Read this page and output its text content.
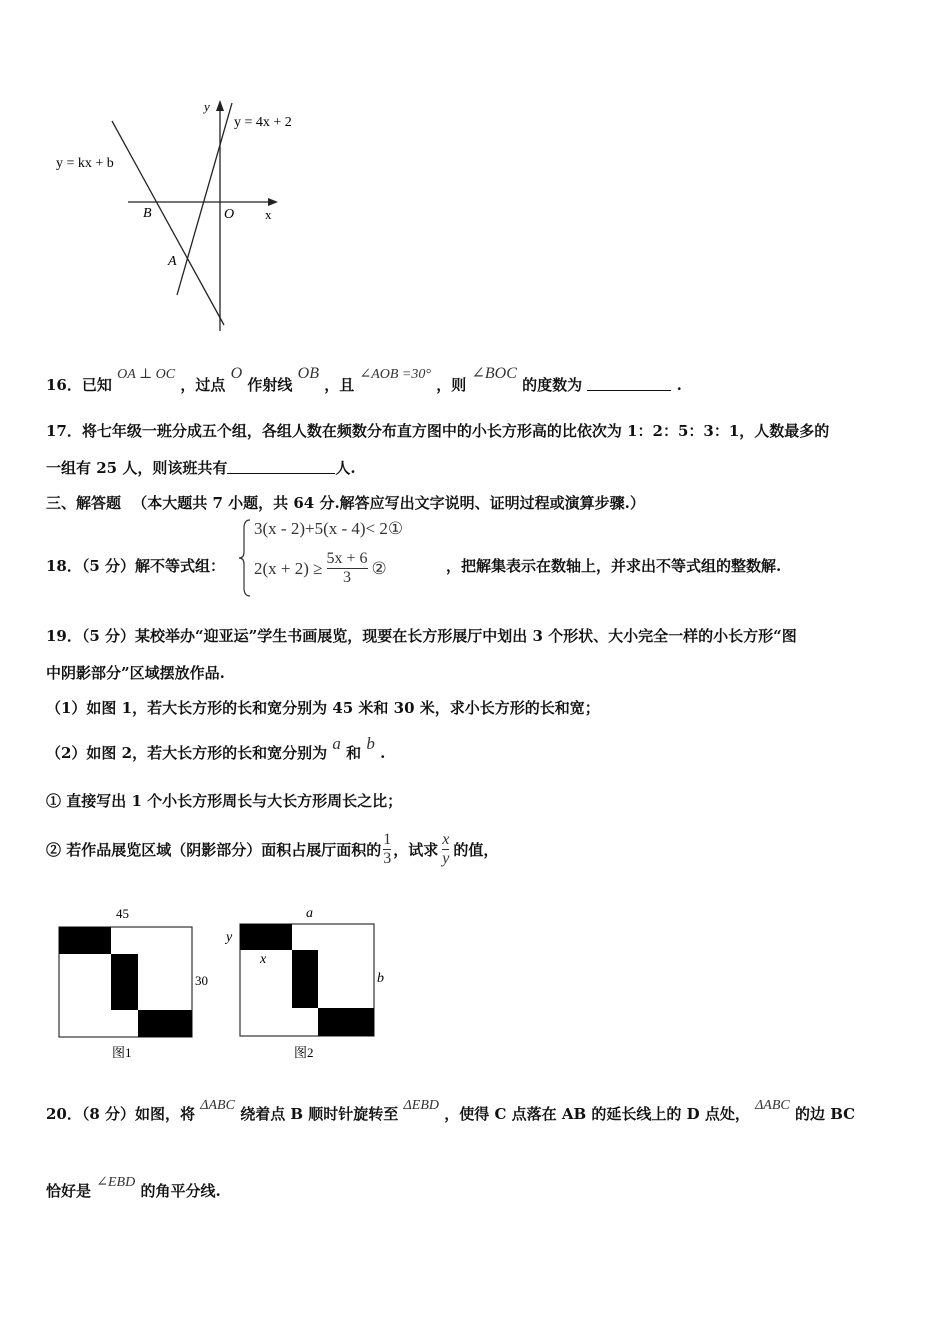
y
x
y = 4x + 2
y = kx + b
B	O
A
16．已知 OA ⊥ OC ，过点 O 作射线 OB ，且 ∠AOB =30° ，则 ∠BOC 的度数为	.
17．将七年级一班分成五个组，各组人数在频数分布直方图中的小长方形高的比依次为 1：2：5：3：1，人数最多的
一组有 25 人，则该班共有	人.
三、解答题 （本大题共 7 小题，共 64 分.解答应写出文字说明、证明过程或演算步骤.）
18．（5 分）解不等式组：
3(x - 2)+5(x - 4)< 2①
$2(x + 2) \ge \frac{5x + 6}{3}$ ②	，把解集表示在数轴上，并求出不等式组的整数解.
19．（5 分）某校举办“迎亚运”学生书画展览，现要在长方形展厅中划出 3 个形状、大小完全一样的小长方形“图
中阴影部分”区域摆放作品.
（1）如图 1，若大长方形的长和宽分别为 45 米和 30 米，求小长方形的长和宽；
（2）如图 2，若大长方形的长和宽分别为 a 和 b .
① 直接写出 1 个小长方形周长与大长方形周长之比；
② 若作品展览区域（阴影部分）面积占展厅面积的 $\frac{1}{3}$ ，试求 $\frac{x}{y}$ 的值，
45
30
图1
a
b
y
x
图2
20．（8 分）如图，将 ΔABC 绕着点 B 顺时针旋转至 ΔEBD ，使得 C 点落在 AB 的延长线上的 D 点处， ΔABC 的边 BC
恰好是 ∠EBD 的角平分线.
